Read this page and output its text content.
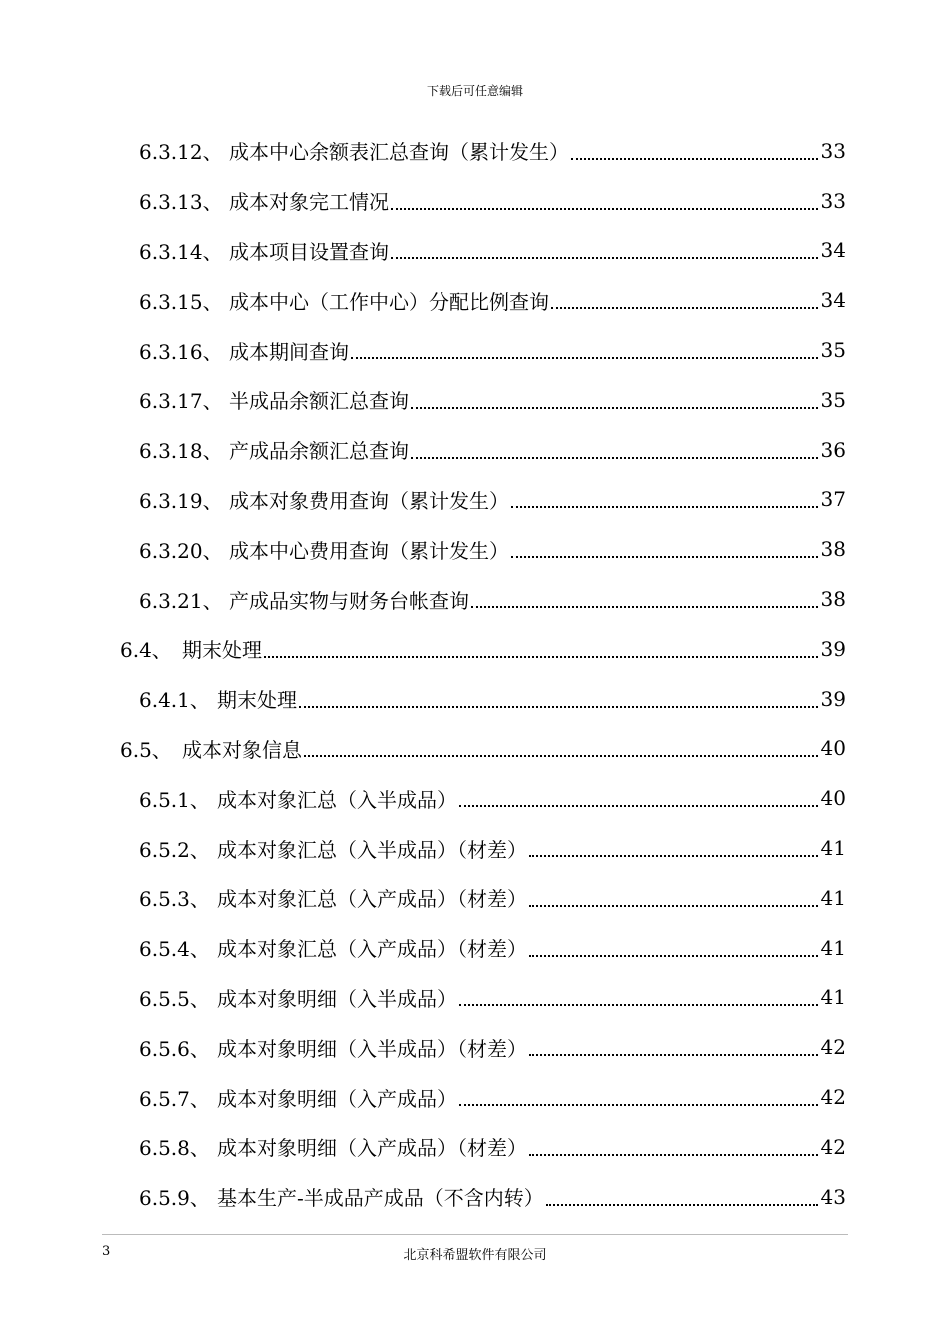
下载后可任意编辑
6.3.12、 成本中心余额表汇总查询（累计发生）	33
6.3.13、 成本对象完工情况	33
6.3.14、 成本项目设置查询	34
6.3.15、 成本中心（工作中心）分配比例查询	34
6.3.16、 成本期间查询	35
6.3.17、 半成品余额汇总查询	35
6.3.18、 产成品余额汇总查询	36
6.3.19、 成本对象费用查询（累计发生）	37
6.3.20、 成本中心费用查询（累计发生）	38
6.3.21、 产成品实物与财务台帐查询	38
6.4、 期末处理	39
6.4.1、 期末处理	39
6.5、 成本对象信息	40
6.5.1、 成本对象汇总（入半成品）	40
6.5.2、 成本对象汇总（入半成品）（材差）	41
6.5.3、 成本对象汇总（入产成品）（材差）	41
6.5.4、 成本对象汇总（入产成品）（材差）	41
6.5.5、 成本对象明细（入半成品）	41
6.5.6、 成本对象明细（入半成品）（材差）	42
6.5.7、 成本对象明细（入产成品）	42
6.5.8、 成本对象明细（入产成品）（材差）	42
6.5.9、 基本生产-半成品产成品（不含内转）	43
3	北京科希盟软件有限公司
